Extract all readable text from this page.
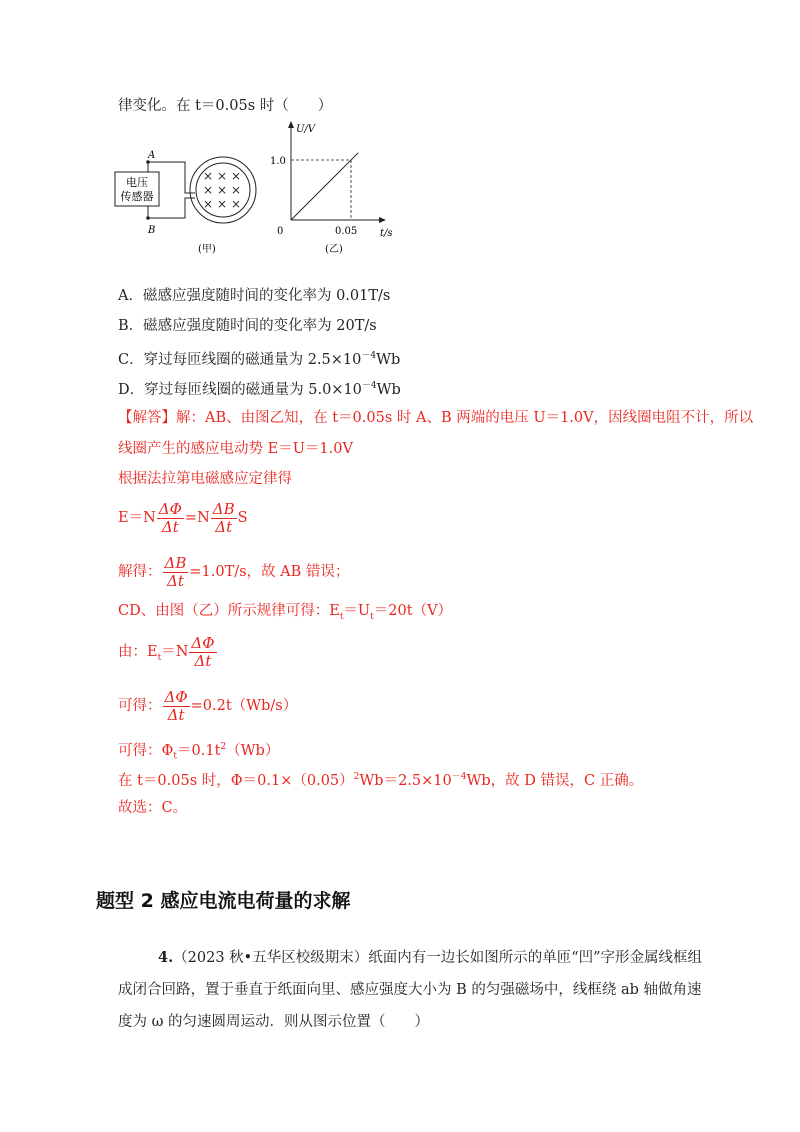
律变化。在 t＝0.05s 时（　　）
电压
传感器
A
B
× × ×
× × ×
× × ×
(甲)
U/V
t/s
0
1.0
0.05
(乙)
A．磁感应强度随时间的变化率为 0.01T/s
B．磁感应强度随时间的变化率为 20T/s
C．穿过每匝线圈的磁通量为 $2.5\times 10^{-4}Wb$
D．穿过每匝线圈的磁通量为 $5.0\times 10^{-4}Wb$
【解答】解：AB、由图乙知，在 t＝0.05s 时 A、B 两端的电压 U＝1.0V，因线圈电阻不计，所以
线圈产生的感应电动势 E＝U＝1.0V
根据法拉第电磁感应定律得
$E=N \frac{\Delta\Phi}{\Delta t} =N \frac{\Delta B}{\Delta t}$ S
解得： $\frac{\Delta B}{\Delta t} =1.0T/s$，故 AB 错误；
CD、由图（乙）所示规律可得：$E_t=U_t=20t(V)$
由：$E_t=N \frac{\Delta\Phi}{\Delta t}$
可得： $\frac{\Delta\Phi}{\Delta t} =0.2t(Wb/s)$
可得：$\Phi_t=0.1t^2(Wb)$
在 t＝0.05s 时，$\Phi=0.1\times(0.05)^2Wb=2.5\times 10^{-4}Wb$，故 D 错误，C 正确。
故选：C。
题型 2 感应电流电荷量的求解
4.（2023 秋•五华区校级期末）纸面内有一边长如图所示的单匝“凹”字形金属线框组成闭合回路，置于垂直于纸面向里、感应强度大小为 B 的匀强磁场中，线框绕 ab 轴做角速度为 ω 的匀速圆周运动．则从图示位置（　　）
